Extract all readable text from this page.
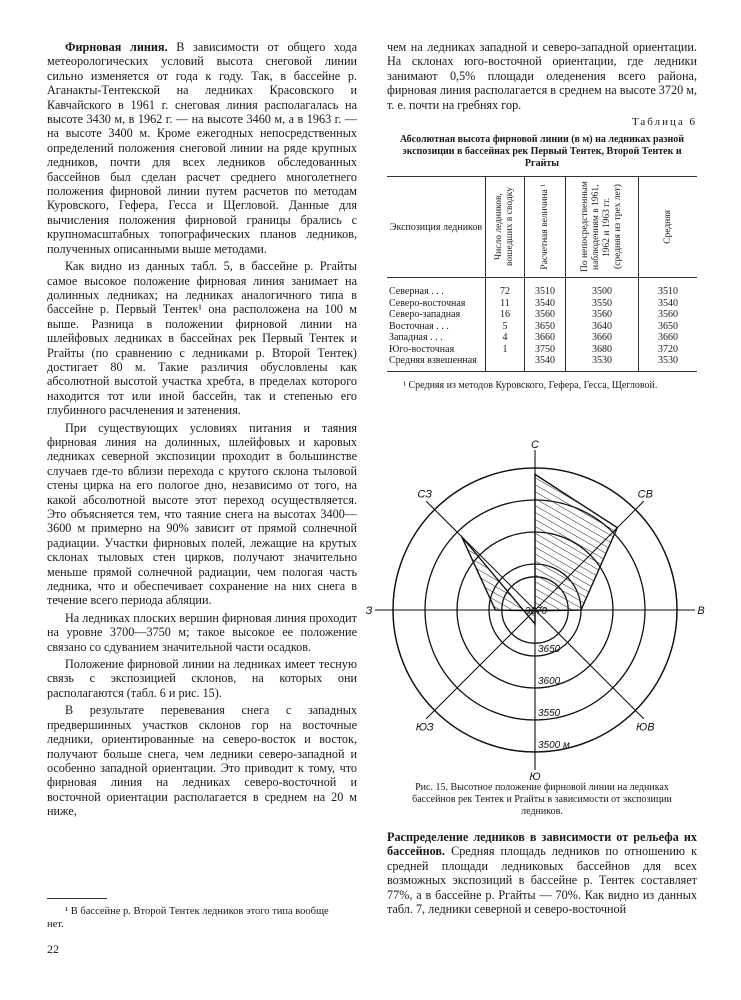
Фирновая линия. В зависимости от общего хода метеорологических условий высота снеговой линии сильно изменяется от года к году. Так, в бассейне р. Аганакты-Тентекской на ледниках Красовского и Кавчайского в 1961 г. снеговая линия располагалась на высоте 3430 м, в 1962 г. — на высоте 3460 м, а в 1963 г. — на высоте 3400 м. Кроме ежегодных непосредственных определений положения снеговой линии на ряде крупных ледников, почти для всех ледников обследованных бассейнов был сделан расчет среднего многолетнего положения фирновой линии путем расчетов по методам Куровского, Гефера, Гесса и Щегловой. Данные для вычисления положения фирновой границы брались с крупномасштабных топографических планов ледников, полученных описанными выше методами.

Как видно из данных табл. 5, в бассейне р. Ргайты самое высокое положение фирновая линия занимает на долинных ледниках; на ледниках аналогичного типа в бассейне р. Первый Тентек¹ она расположена на 100 м выше. Разница в положении фирновой линии на шлейфовых ледниках в бассейнах рек Первый Тентек и Ргайты (по сравнению с ледниками р. Второй Тентек) достигает 80 м. Такие различия обусловлены как абсолютной высотой участка хребта, в пределах которого находится тот или иной бассейн, так и степенью его глубинного расчленения и затенения.

При существующих условиях питания и таяния фирновая линия на долинных, шлейфовых и каровых ледниках северной экспозиции проходит в большинстве случаев где-то вблизи перехода с крутого склона тыловой стены цирка на его пологое дно, независимо от того, на какой абсолютной высоте этот переход осуществляется. Это объясняется тем, что таяние снега на высотах 3400—3600 м примерно на 90% зависит от прямой солнечной радиации. Участки фирновых полей, лежащие на крутых склонах тыловых стен цирков, получают значительно меньше прямой солнечной радиации, чем пологая часть ледника, что и обеспечивает сохранение на них снега в течение всего периода абляции.

На ледниках плоских вершин фирновая линия проходит на уровне 3700—3750 м; такое высокое ее положение связано со сдуванием значительной части осадков.

Положение фирновой линии на ледниках имеет тесную связь с экспозицией склонов, на которых они располагаются (табл. 6 и рис. 15).

В результате перевевания снега с западных предвершинных участков склонов гор на восточные ледники, ориентированные на северо-восток и восток, получают больше снега, чем ледники северо-западной и особенно западной ориентации. Это приводит к тому, что фирновая линия на ледниках северо-восточной и восточной ориентации располагается в среднем на 20 м ниже,

¹ В бассейне р. Второй Тентек ледников этого типа вообще нет.

22

чем на ледниках западной и северо-западной ориентации. На склонах юго-восточной ориентации, где ледники занимают 0,5% площади оледенения всего района, фирновая линия располагается в среднем на высоте 3720 м, т. е. почти на гребнях гор.

Таблица 6
Абсолютная высота фирновой линии (в м) на ледниках разной экспозиции в бассейнах рек Первый Тентек, Второй Тентек и Ргайты
Экспозиция ледников	Число ледников, вошедших в сводку	Расчетная величина ¹	По непосредственным наблюдениям в 1961, 1962 и 1963 гг. (средняя из трех лет)	Средняя

Северная . . .	72	3510	3500	3510
Северо-восточная	11	3540	3550	3540
Северо-западная	16	3560	3560	3560
Восточная . . .	5	3650	3640	3650
Западная . . .	4	3660	3660	3660
Юго-восточная	1	3750	3680	3720
Средняя взвешенная		3540	3530	3530

¹ Средняя из методов Куровского, Гефера, Гесса, Щегловой.

С
СВ
В
ЮВ
Ю
ЮЗ
З
СЗ
3670
3650
3600
3550
3500 м

Рис. 15. Высотное положение фирновой линии на ледниках бассейнов рек Тентек и Ргайты в зависимости от экспозиции ледников.

Распределение ледников в зависимости от рельефа их бассейнов. Средняя площадь ледников по отношению к средней площади ледниковых бассейнов для всех возможных экспозиций в бассейне р. Тентек составляет 77%, а в бассейне р. Ргайты — 70%. Как видно из данных табл. 7, ледники северной и северо-восточной
